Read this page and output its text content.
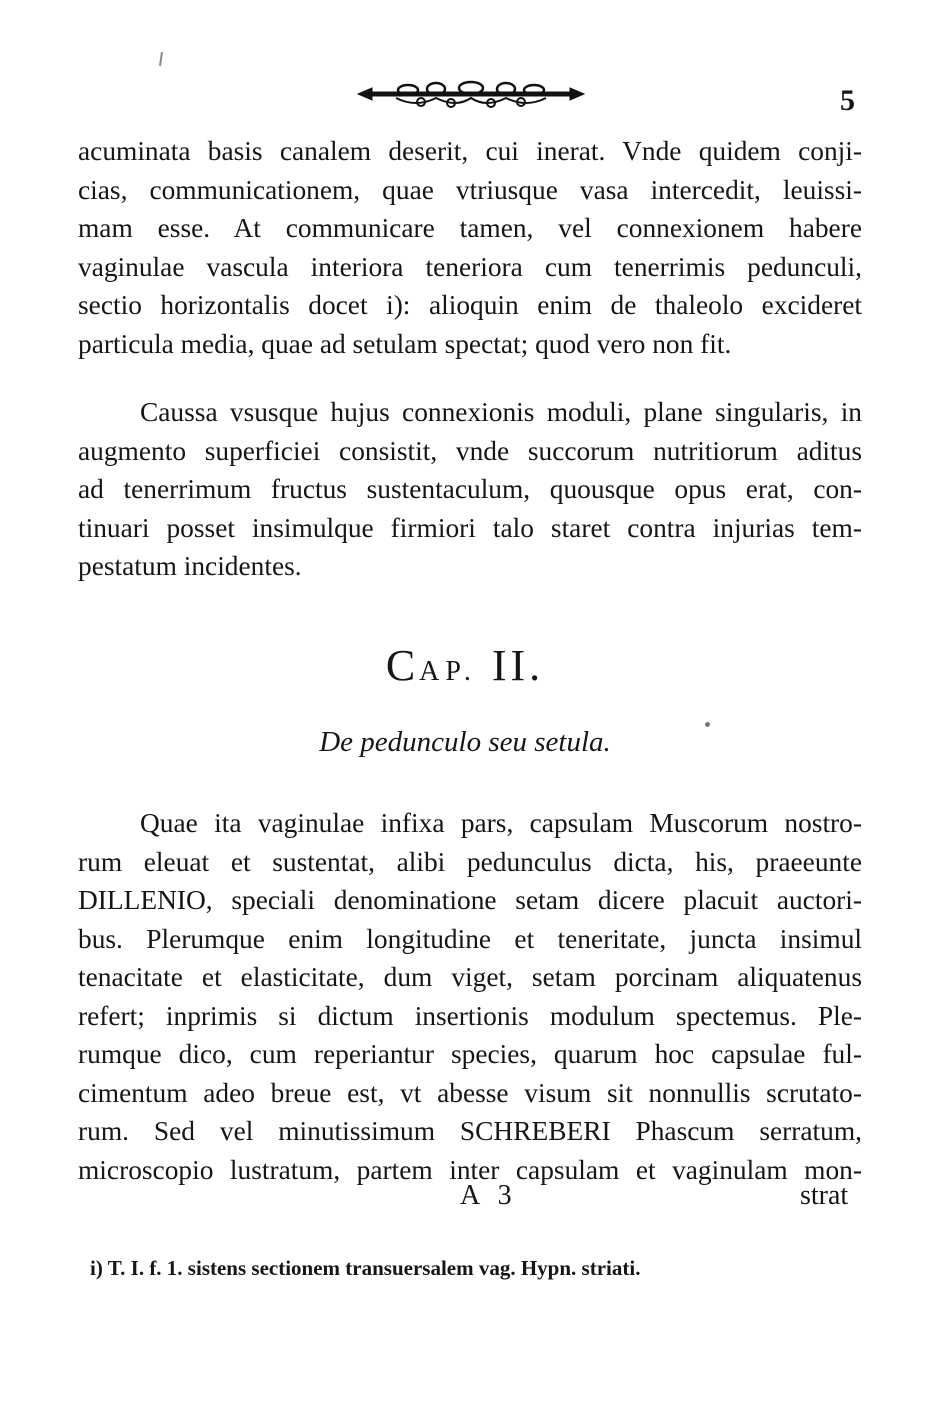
5
acuminata basis canalem deserit, cui inerat. Vnde quidem conji-
cias, communicationem, quae vtriusque vasa intercedit, leuissi-
mam esse. At communicare tamen, vel connexionem habere
vaginulae vascula interiora teneriora cum tenerrimis pedunculi,
sectio horizontalis docet i): alioquin enim de thaleolo excideret
particula media, quae ad setulam spectat; quod vero non fit.
Caussa vsusque hujus connexionis moduli, plane singularis, in
augmento superficiei consistit, vnde succorum nutritiorum aditus
ad tenerrimum fructus sustentaculum, quousque opus erat, con-
tinuari posset insimulque firmiori talo staret contra injurias tem-
pestatum incidentes.
CAP. II.
De pedunculo seu setula.
Quae ita vaginulae infixa pars, capsulam Muscorum nostro-
rum eleuat et sustentat, alibi pedunculus dicta, his, praeeunte
DILLENIO, speciali denominatione setam dicere placuit auctori-
bus. Plerumque enim longitudine et teneritate, juncta insimul
tenacitate et elasticitate, dum viget, setam porcinam aliquatenus
refert; inprimis si dictum insertionis modulum spectemus. Ple-
rumque dico, cum reperiantur species, quarum hoc capsulae ful-
cimentum adeo breue est, vt abesse visum sit nonnullis scrutato-
rum. Sed vel minutissimum SCHREBERI Phascum serratum,
microscopio lustratum, partem inter capsulam et vaginulam mon-
A 3	strat
i) T. I. f. 1. sistens sectionem transuersalem vag. Hypn. striati.
